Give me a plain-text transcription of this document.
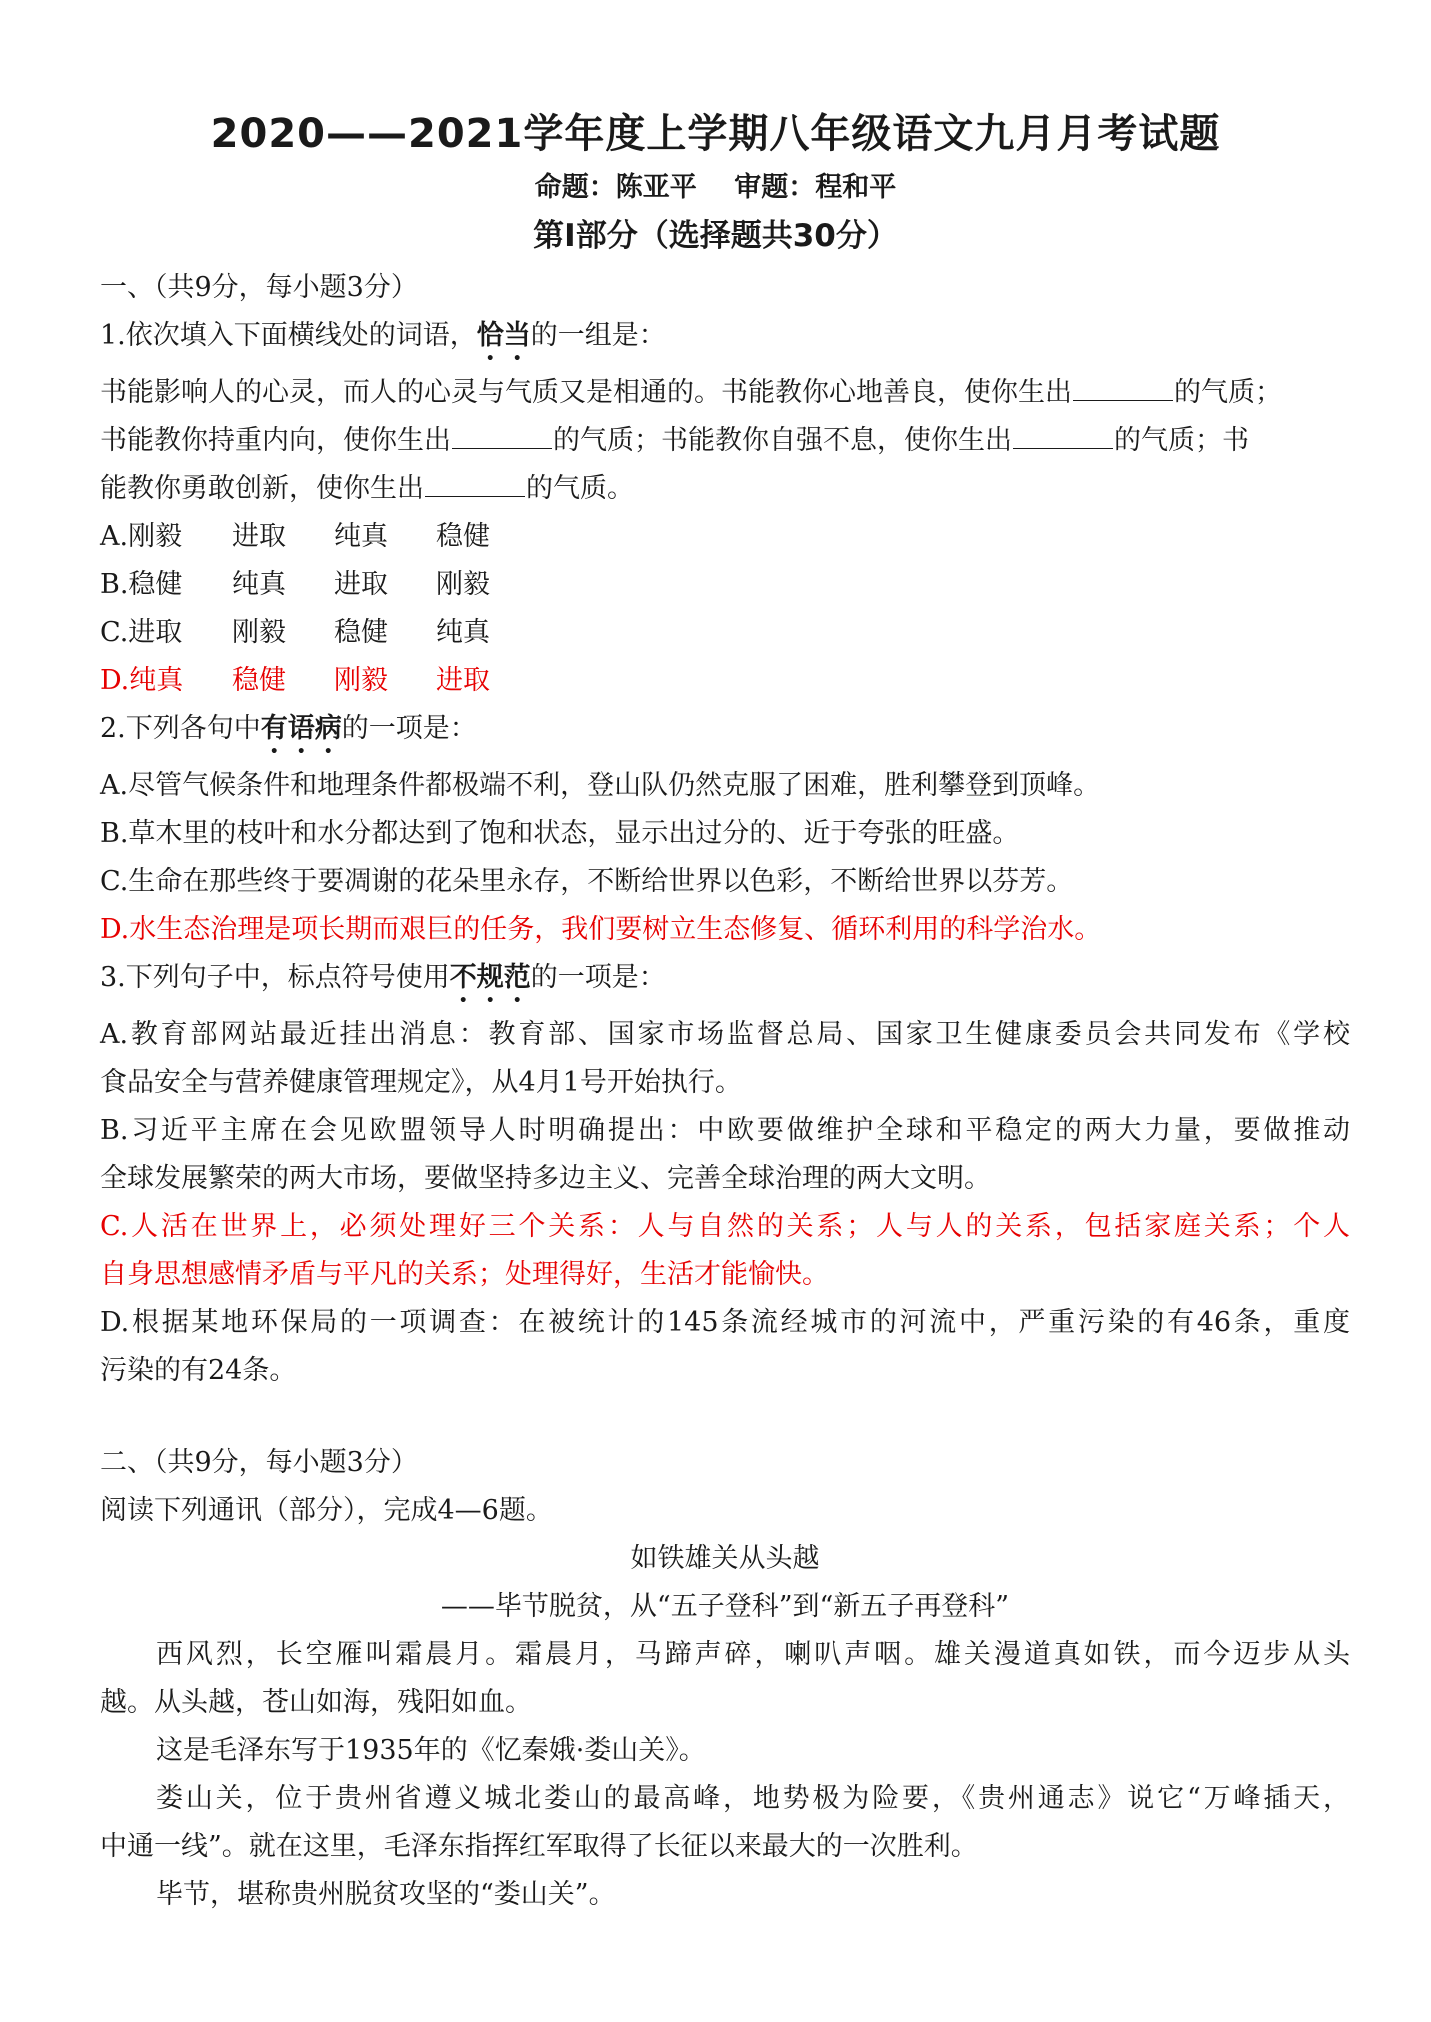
2020——2021学年度上学期八年级语文九月月考试题
命题：陈亚平 审题：程和平
第Ⅰ部分（选择题共30分）
一、（共9分，每小题3分）
1.依次填入下面横线处的词语，恰当的一组是：
书能影响人的心灵，而人的心灵与气质又是相通的。书能教你心地善良，使你生出	的气质；
书能教你持重内向，使你生出	的气质；书能教你自强不息，使你生出	的气质；书
能教你勇敢创新，使你生出	的气质。
A.刚毅 进取 纯真 稳健
B.稳健 纯真 进取 刚毅
C.进取 刚毅 稳健 纯真
D.纯真 稳健 刚毅 进取
2.下列各句中有语病的一项是：
A.尽管气候条件和地理条件都极端不利，登山队仍然克服了困难，胜利攀登到顶峰。
B.草木里的枝叶和水分都达到了饱和状态，显示出过分的、近于夸张的旺盛。
C.生命在那些终于要凋谢的花朵里永存，不断给世界以色彩，不断给世界以芬芳。
D.水生态治理是项长期而艰巨的任务，我们要树立生态修复、循环利用的科学治水。
3.下列句子中，标点符号使用不规范的一项是：
A.教育部网站最近挂出消息：教育部、国家市场监督总局、国家卫生健康委员会共同发布《学校
食品安全与营养健康管理规定》，从4月1号开始执行。
B.习近平主席在会见欧盟领导人时明确提出：中欧要做维护全球和平稳定的两大力量，要做推动
全球发展繁荣的两大市场，要做坚持多边主义、完善全球治理的两大文明。
C.人活在世界上，必须处理好三个关系：人与自然的关系；人与人的关系，包括家庭关系；个人
自身思想感情矛盾与平凡的关系；处理得好，生活才能愉快。
D.根据某地环保局的一项调查：在被统计的145条流经城市的河流中，严重污染的有46条，重度
污染的有24条。
二、（共9分，每小题3分）
阅读下列通讯（部分），完成4—6题。
如铁雄关从头越
——毕节脱贫，从“五子登科”到“新五子再登科”
西风烈，长空雁叫霜晨月。霜晨月，马蹄声碎，喇叭声咽。雄关漫道真如铁，而今迈步从头
越。从头越，苍山如海，残阳如血。
这是毛泽东写于1935年的《忆秦娥·娄山关》。
娄山关，位于贵州省遵义城北娄山的最高峰，地势极为险要，《贵州通志》说它“万峰插天，
中通一线”。就在这里，毛泽东指挥红军取得了长征以来最大的一次胜利。
毕节，堪称贵州脱贫攻坚的“娄山关”。
